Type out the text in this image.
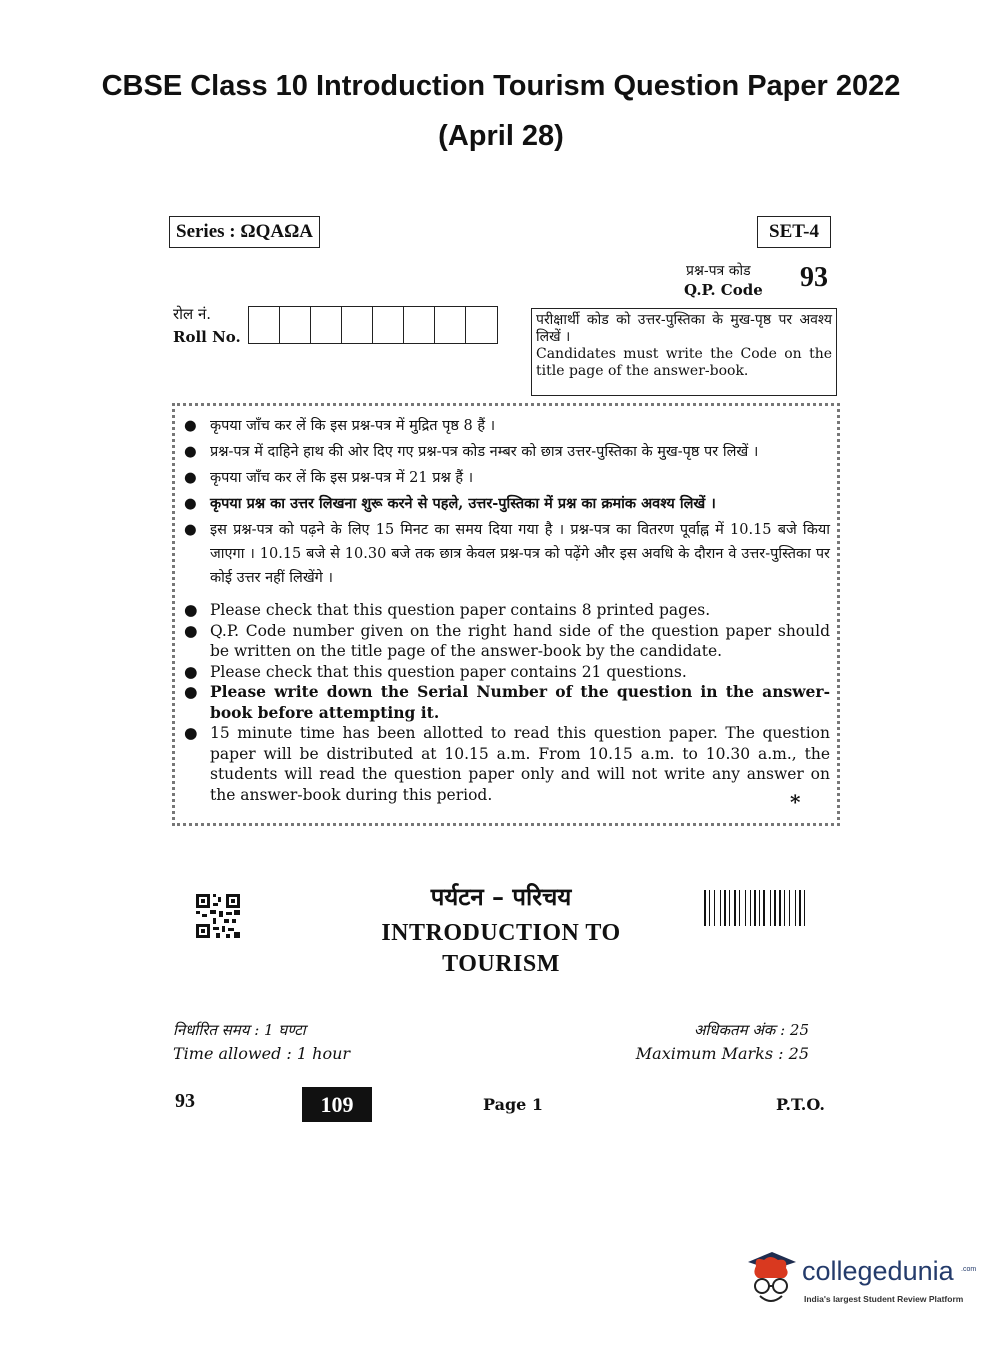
CBSE Class 10 Introduction Tourism Question Paper 2022
(April 28)
Series : ΩQAΩA	SET-4
प्रश्न-पत्र कोड
Q.P. Code 93
रोल नं.
Roll No.
परीक्षार्थी कोड को उत्तर-पुस्तिका के मुख-पृष्ठ पर अवश्य लिखें ।
Candidates must write the Code on the title page of the answer-book.
● कृपया जाँच कर लें कि इस प्रश्न-पत्र में मुद्रित पृष्ठ 8 हैं ।
● प्रश्न-पत्र में दाहिने हाथ की ओर दिए गए प्रश्न-पत्र कोड नम्बर को छात्र उत्तर-पुस्तिका के मुख-पृष्ठ पर लिखें ।
● कृपया जाँच कर लें कि इस प्रश्न-पत्र में 21 प्रश्न हैं ।
● कृपया प्रश्न का उत्तर लिखना शुरू करने से पहले, उत्तर-पुस्तिका में प्रश्न का क्रमांक अवश्य लिखें ।
● इस प्रश्न-पत्र को पढ़ने के लिए 15 मिनट का समय दिया गया है । प्रश्न-पत्र का वितरण पूर्वाह्न में 10.15 बजे किया जाएगा । 10.15 बजे से 10.30 बजे तक छात्र केवल प्रश्न-पत्र को पढ़ेंगे और इस अवधि के दौरान वे उत्तर-पुस्तिका पर कोई उत्तर नहीं लिखेंगे ।
● Please check that this question paper contains 8 printed pages.
● Q.P. Code number given on the right hand side of the question paper should be written on the title page of the answer-book by the candidate.
● Please check that this question paper contains 21 questions.
● Please write down the Serial Number of the question in the answer-book before attempting it.
● 15 minute time has been allotted to read this question paper. The question paper will be distributed at 10.15 a.m. From 10.15 a.m. to 10.30 a.m., the students will read the question paper only and will not write any answer on the answer-book during this period.	*
पर्यटन – परिचय
INTRODUCTION TO
TOURISM
निर्धारित समय : 1 घण्टा
Time allowed : 1 hour
अधिकतम अंक : 25
Maximum Marks : 25
93	109	Page 1	P.T.O.
collegedunia .com
India's largest Student Review Platform
